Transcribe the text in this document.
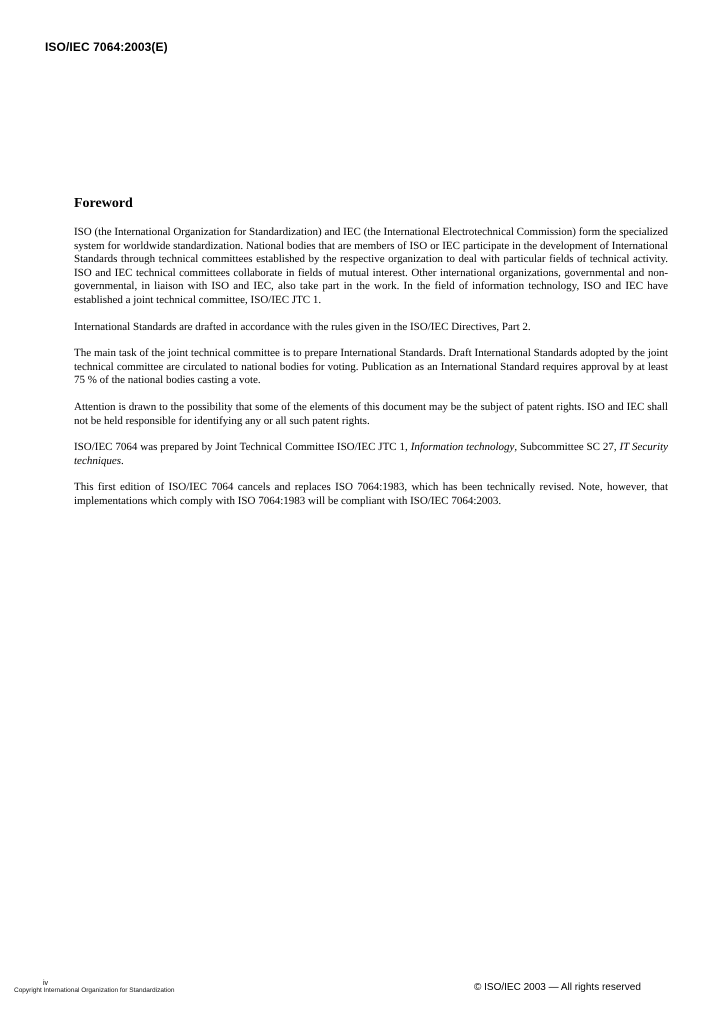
ISO/IEC 7064:2003(E)
Foreword

ISO (the International Organization for Standardization) and IEC (the International Electrotechnical Commission) form the specialized system for worldwide standardization. National bodies that are members of ISO or IEC participate in the development of International Standards through technical committees established by the respective organization to deal with particular fields of technical activity. ISO and IEC technical committees collaborate in fields of mutual interest. Other international organizations, governmental and non-governmental, in liaison with ISO and IEC, also take part in the work. In the field of information technology, ISO and IEC have established a joint technical committee, ISO/IEC JTC 1.

International Standards are drafted in accordance with the rules given in the ISO/IEC Directives, Part 2.

The main task of the joint technical committee is to prepare International Standards. Draft International Standards adopted by the joint technical committee are circulated to national bodies for voting. Publication as an International Standard requires approval by at least 75 % of the national bodies casting a vote.

Attention is drawn to the possibility that some of the elements of this document may be the subject of patent rights. ISO and IEC shall not be held responsible for identifying any or all such patent rights.

ISO/IEC 7064 was prepared by Joint Technical Committee ISO/IEC JTC 1, Information technology, Subcommittee SC 27, IT Security techniques.

This first edition of ISO/IEC 7064 cancels and replaces ISO 7064:1983, which has been technically revised. Note, however, that implementations which comply with ISO 7064:1983 will be compliant with ISO/IEC 7064:2003.

iv
Copyright International Organization for Standardization	© ISO/IEC 2003 — All rights reserved
